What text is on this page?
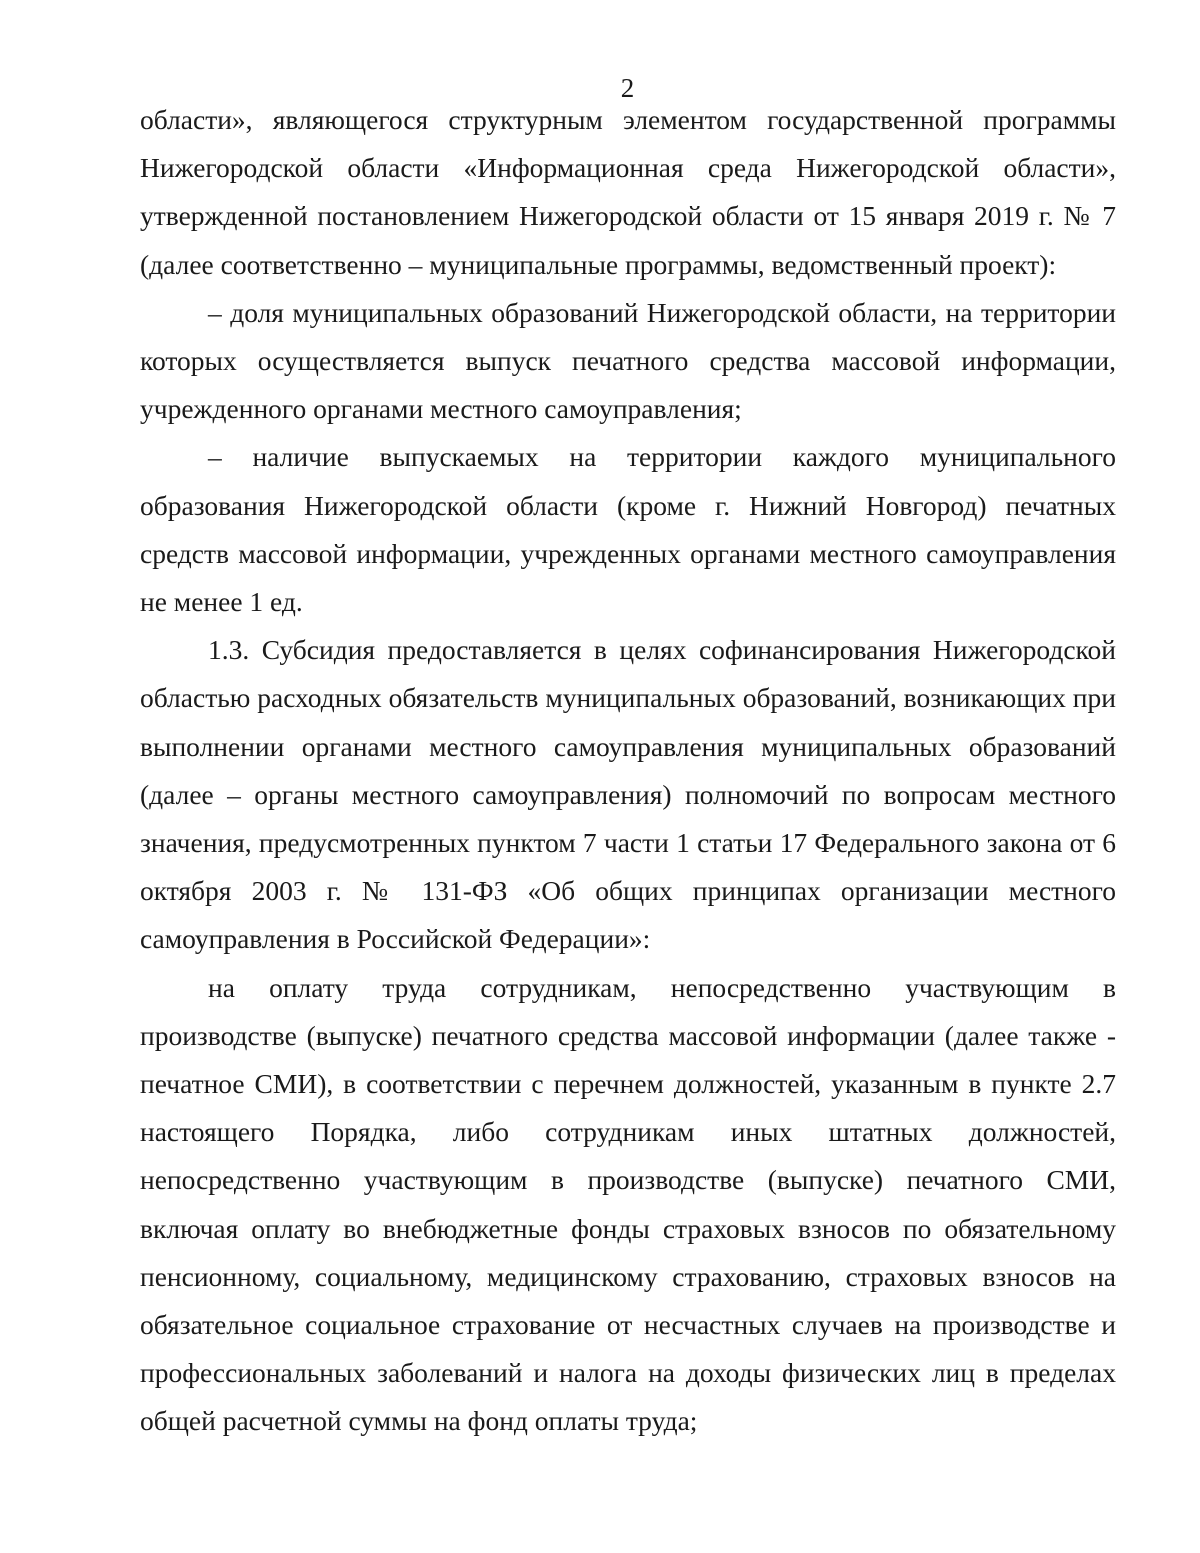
2

области», являющегося структурным элементом государственной программы Нижегородской области «Информационная среда Нижегородской области», утвержденной постановлением Нижегородской области от 15 января 2019 г. № 7 (далее соответственно – муниципальные программы, ведомственный проект):

– доля муниципальных образований Нижегородской области, на территории которых осуществляется выпуск печатного средства массовой информации, учрежденного органами местного самоуправления;

– наличие выпускаемых на территории каждого муниципального образования Нижегородской области (кроме г. Нижний Новгород) печатных средств массовой информации, учрежденных органами местного самоуправления не менее 1 ед.

1.3. Субсидия предоставляется в целях софинансирования Нижегородской областью расходных обязательств муниципальных образований, возникающих при выполнении органами местного самоуправления муниципальных образований (далее – органы местного самоуправления) полномочий по вопросам местного значения, предусмотренных пунктом 7 части 1 статьи 17 Федерального закона от 6 октября 2003 г. № 131-ФЗ «Об общих принципах организации местного самоуправления в Российской Федерации»:

на оплату труда сотрудникам, непосредственно участвующим в производстве (выпуске) печатного средства массовой информации (далее также - печатное СМИ), в соответствии с перечнем должностей, указанным в пункте 2.7 настоящего Порядка, либо сотрудникам иных штатных должностей, непосредственно участвующим в производстве (выпуске) печатного СМИ, включая оплату во внебюджетные фонды страховых взносов по обязательному пенсионному, социальному, медицинскому страхованию, страховых взносов на обязательное социальное страхование от несчастных случаев на производстве и профессиональных заболеваний и налога на доходы физических лиц в пределах общей расчетной суммы на фонд оплаты труда;
